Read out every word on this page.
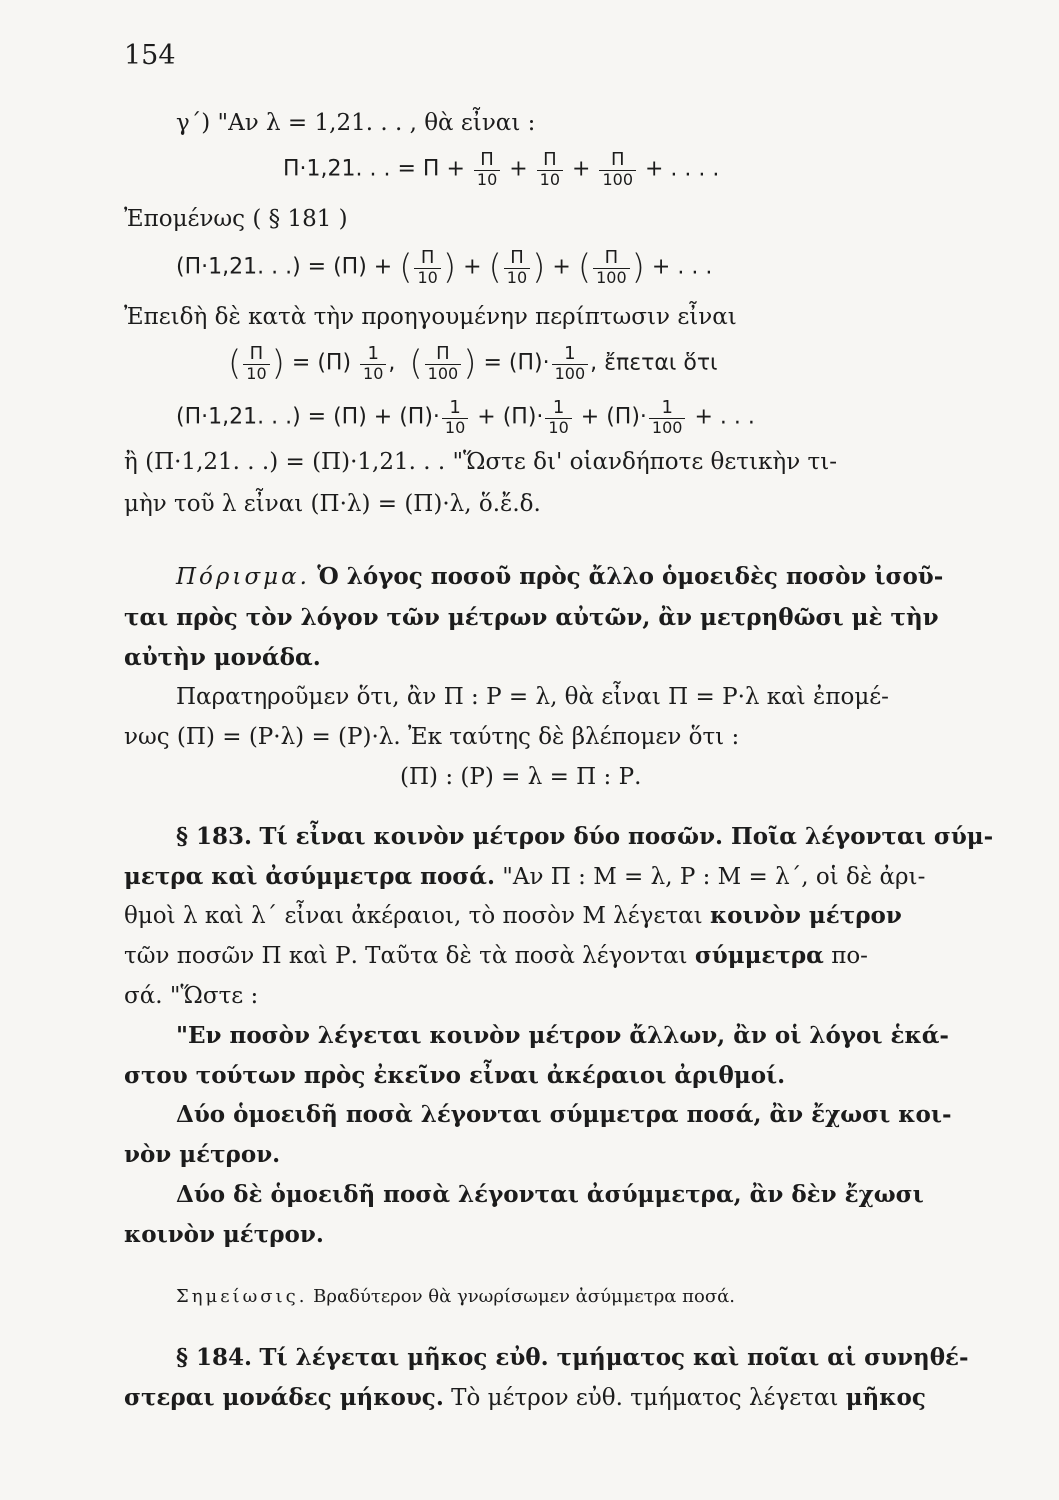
154
γ΄) "Αν λ = 1,21. . . , θὰ εἶναι :
Π·1,21. . . = $\Pi + \frac{\Pi}{10} + \frac{\Pi}{10} + \frac{\Pi}{100}$ + . . . .
Ἐπομένως ( § 181 )
(Π·1,21. . .) = (Π) + ( $\frac{\Pi}{10}$ ) + ( $\frac{\Pi}{10}$ ) + ( $\frac{\Pi}{100}$ ) + . . .
Ἐπειδὴ δὲ κατὰ τὴν προηγουμένην περίπτωσιν εἶναι
( $\frac{\Pi}{10}$ ) = $(\Pi) \frac{1}{10}$ ,  ( $\frac{\Pi}{100}$ ) = $(\Pi)\cdot \frac{1}{100}$ , ἔπεται ὅτι
(Π·1,21. . .) = $(\Pi) + (\Pi)\cdot \frac{1}{10} + (\Pi)\cdot \frac{1}{10} + (\Pi)\cdot \frac{1}{100}$ + . . .
ἢ (Π·1,21. . .) = (Π)·1,21. . . "Ὥστε δι' οἱανδήποτε θετικὴν τι-
μὴν τοῦ λ εἶναι (Π·λ) = (Π)·λ, ὅ.ἔ.δ.
Πόρισμα. Ὁ λόγος ποσοῦ πρὸς ἄλλο ὁμοειδὲς ποσὸν ἰσοῦ-
ται πρὸς τὸν λόγον τῶν μέτρων αὐτῶν, ἂν μετρηθῶσι μὲ τὴν
αὐτὴν μονάδα.
Παρατηροῦμεν ὅτι, ἂν Π : Ρ = λ, θὰ εἶναι Π = Ρ·λ καὶ ἐπομέ-
νως (Π) = (Ρ·λ) = (Ρ)·λ. Ἐκ ταύτης δὲ βλέπομεν ὅτι :
(Π) : (Ρ) = λ = Π : Ρ.
§ 183. Τί εἶναι κοινὸν μέτρον δύο ποσῶν. Ποῖα λέγονται σύμ-
μετρα καὶ ἀσύμμετρα ποσά. "Αν Π : Μ = λ, Ρ : Μ = λ΄, οἱ δὲ ἀρι-
θμοὶ λ καὶ λ΄ εἶναι ἀκέραιοι, τὸ ποσὸν Μ λέγεται κοινὸν μέτρον
τῶν ποσῶν Π καὶ Ρ. Ταῦτα δὲ τὰ ποσὰ λέγονται σύμμετρα πο-
σά. "Ὥστε :
"Εν ποσὸν λέγεται κοινὸν μέτρον ἄλλων, ἂν οἱ λόγοι ἑκά-
στου τούτων πρὸς ἐκεῖνο εἶναι ἀκέραιοι ἀριθμοί.
Δύο ὁμοειδῆ ποσὰ λέγονται σύμμετρα ποσά, ἂν ἔχωσι κοι-
νὸν μέτρον.
Δύο δὲ ὁμοειδῆ ποσὰ λέγονται ἀσύμμετρα, ἂν δὲν ἔχωσι
κοινὸν μέτρον.
Σημείωσις. Βραδύτερον θὰ γνωρίσωμεν ἀσύμμετρα ποσά.
§ 184. Τί λέγεται μῆκος εὐθ. τμήματος καὶ ποῖαι αἱ συνηθέ-
στεραι μονάδες μήκους. Τὸ μέτρον εὐθ. τμήματος λέγεται μῆκος
